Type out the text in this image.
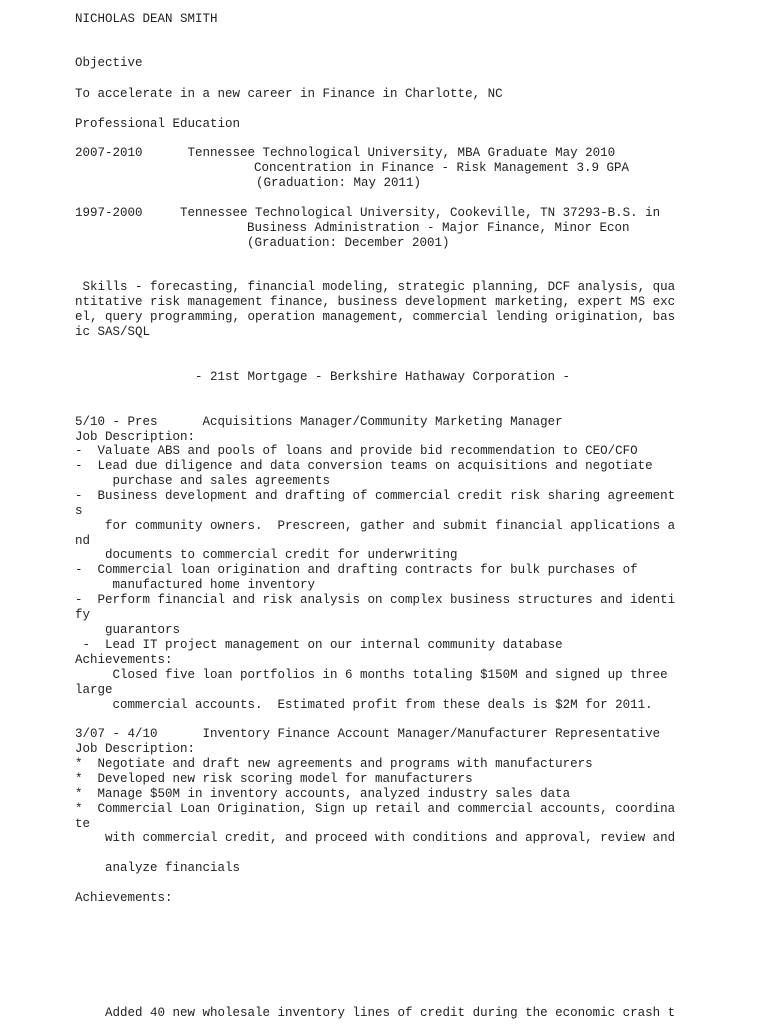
NICHOLAS DEAN SMITH
Objective
To accelerate in a new career in Finance in Charlotte, NC
Professional Education
2007-2010      Tennessee Technological University, MBA Graduate May 2010
Concentration in Finance - Risk Management 3.9 GPA
(Graduation: May 2011)
1997-2000     Tennessee Technological University, Cookeville, TN 37293-B.S. in
Business Administration - Major Finance, Minor Econ
(Graduation: December 2001)
Skills - forecasting, financial modeling, strategic planning, DCF analysis, qua
ntitative risk management finance, business development marketing, expert MS exc
el, query programming, operation management, commercial lending origination, bas
ic SAS/SQL
- 21st Mortgage - Berkshire Hathaway Corporation -
5/10 - Pres      Acquisitions Manager/Community Marketing Manager
Job Description:
-  Valuate ABS and pools of loans and provide bid recommendation to CEO/CFO
-  Lead due diligence and data conversion teams on acquisitions and negotiate
purchase and sales agreements
-  Business development and drafting of commercial credit risk sharing agreement
s
for community owners.  Prescreen, gather and submit financial applications a
nd
documents to commercial credit for underwriting
-  Commercial loan origination and drafting contracts for bulk purchases of
manufactured home inventory
-  Perform financial and risk analysis on complex business structures and identi
fy
guarantors
-  Lead IT project management on our internal community database
Achievements:
Closed five loan portfolios in 6 months totaling $150M and signed up three
large
commercial accounts.  Estimated profit from these deals is $2M for 2011.
3/07 - 4/10      Inventory Finance Account Manager/Manufacturer Representative
Job Description:
*  Negotiate and draft new agreements and programs with manufacturers
*  Developed new risk scoring model for manufacturers
*  Manage $50M in inventory accounts, analyzed industry sales data
*  Commercial Loan Origination, Sign up retail and commercial accounts, coordina
te
with commercial credit, and proceed with conditions and approval, review and
analyze financials
Achievements:
Added 40 new wholesale inventory lines of credit during the economic crash t
